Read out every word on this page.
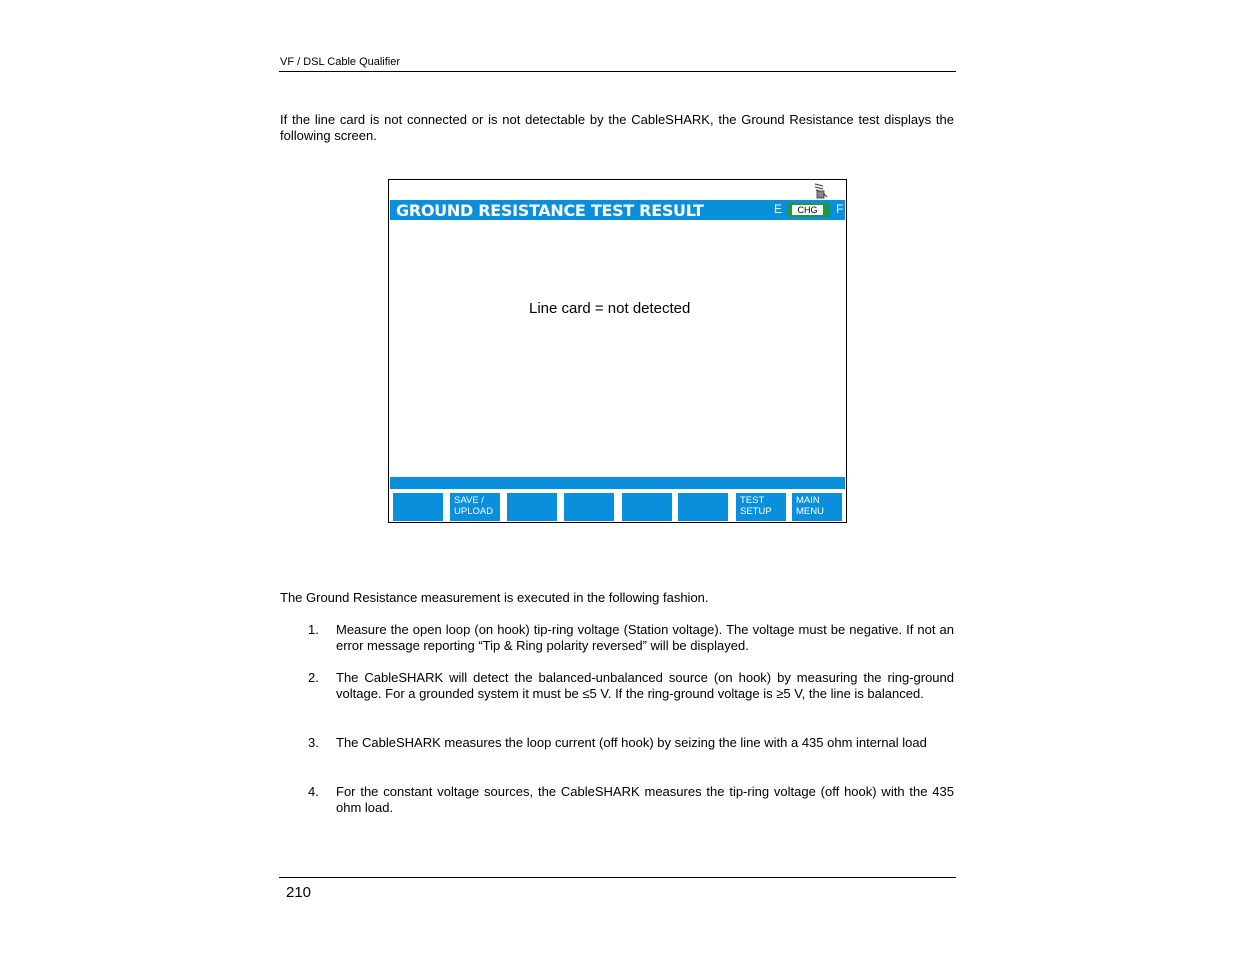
VF / DSL Cable Qualifier
If the line card is not connected or is not detectable by the CableSHARK, the Ground Resistance test displays the following screen.
GROUND RESISTANCE TEST RESULT	E	CHG	F
Line card = not detected
SAVE /
UPLOAD
TEST
SETUP
MAIN
MENU
The Ground Resistance measurement is executed in the following fashion.
1. Measure the open loop (on hook) tip-ring voltage (Station voltage). The voltage must be negative. If not an error message reporting “Tip & Ring polarity reversed” will be displayed.
2. The CableSHARK will detect the balanced-unbalanced source (on hook) by measuring the ring-ground voltage. For a grounded system it must be ≤5 V. If the ring-ground voltage is ≥5 V, the line is balanced.
3. The CableSHARK measures the loop current (off hook) by seizing the line with a 435 ohm internal load
4. For the constant voltage sources, the CableSHARK measures the tip-ring voltage (off hook) with the 435 ohm load.
210
